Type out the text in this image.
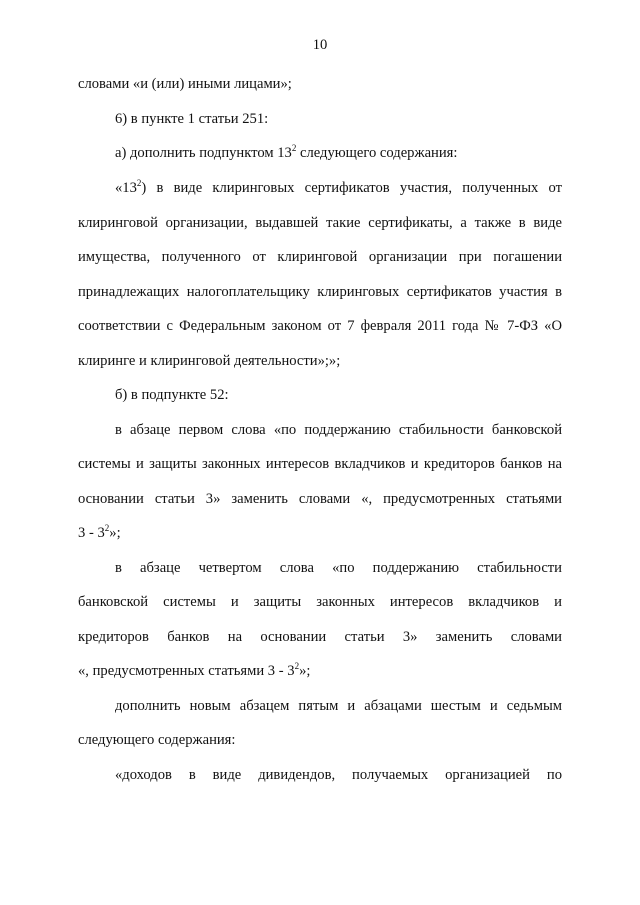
10
словами «и (или) иными лицами»;
6) в пункте 1 статьи 251:
а) дополнить подпунктом $13^2$ следующего содержания:
«$13^2$) в виде клиринговых сертификатов участия, полученных от
клиринговой организации, выдавшей такие сертификаты, а также в виде
имущества, полученного от клиринговой организации при погашении
принадлежащих налогоплательщику клиринговых сертификатов участия в
соответствии с Федеральным законом от 7 февраля 2011 года № 7-ФЗ «О
клиринге и клиринговой деятельности»;»;
б) в подпункте 52:
в абзаце первом слова «по поддержанию стабильности банковской
системы и защиты законных интересов вкладчиков и кредиторов банков на
основании статьи 3» заменить словами «, предусмотренных статьями
$3 - 3^2$»;
в абзаце четвертом слова «по поддержанию стабильности
банковской системы и защиты законных интересов вкладчиков и
кредиторов банков на основании статьи 3» заменить словами
«, предусмотренных статьями $3 - 3^2$»;
дополнить новым абзацем пятым и абзацами шестым и седьмым
следующего содержания:
«доходов в виде дивидендов, получаемых организацией по
